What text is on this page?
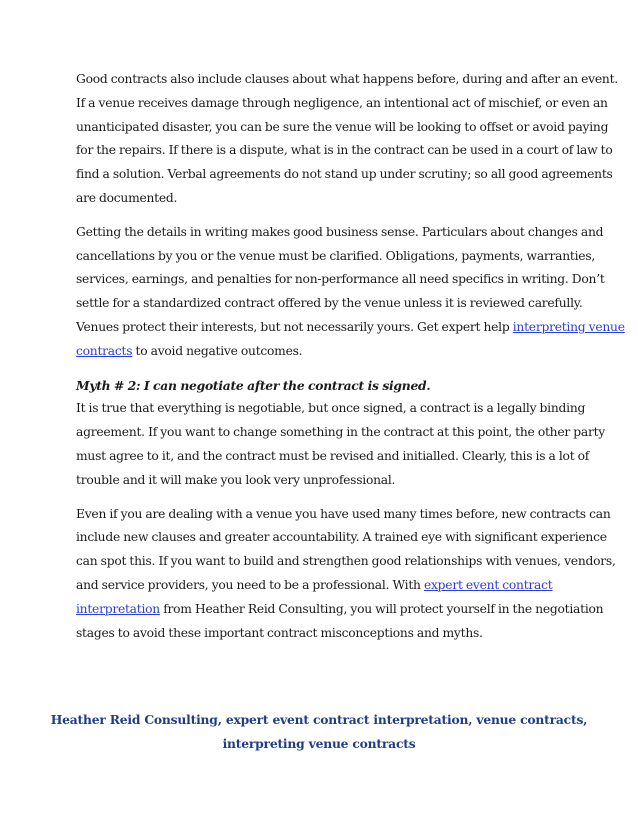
Good contracts also include clauses about what happens before, during and after an event.
If a venue receives damage through negligence, an intentional act of mischief, or even an
unanticipated disaster, you can be sure the venue will be looking to offset or avoid paying
for the repairs. If there is a dispute, what is in the contract can be used in a court of law to
find a solution. Verbal agreements do not stand up under scrutiny; so all good agreements
are documented.

Getting the details in writing makes good business sense. Particulars about changes and
cancellations by you or the venue must be clarified. Obligations, payments, warranties,
services, earnings, and penalties for non-performance all need specifics in writing. Don’t
settle for a standardized contract offered by the venue unless it is reviewed carefully.
Venues protect their interests, but not necessarily yours. Get expert help interpreting venue
contracts to avoid negative outcomes.

Myth # 2: I can negotiate after the contract is signed.
It is true that everything is negotiable, but once signed, a contract is a legally binding
agreement. If you want to change something in the contract at this point, the other party
must agree to it, and the contract must be revised and initialled. Clearly, this is a lot of
trouble and it will make you look very unprofessional.

Even if you are dealing with a venue you have used many times before, new contracts can
include new clauses and greater accountability. A trained eye with significant experience
can spot this. If you want to build and strengthen good relationships with venues, vendors,
and service providers, you need to be a professional. With expert event contract
interpretation from Heather Reid Consulting, you will protect yourself in the negotiation
stages to avoid these important contract misconceptions and myths.

Heather Reid Consulting, expert event contract interpretation, venue contracts,
interpreting venue contracts
